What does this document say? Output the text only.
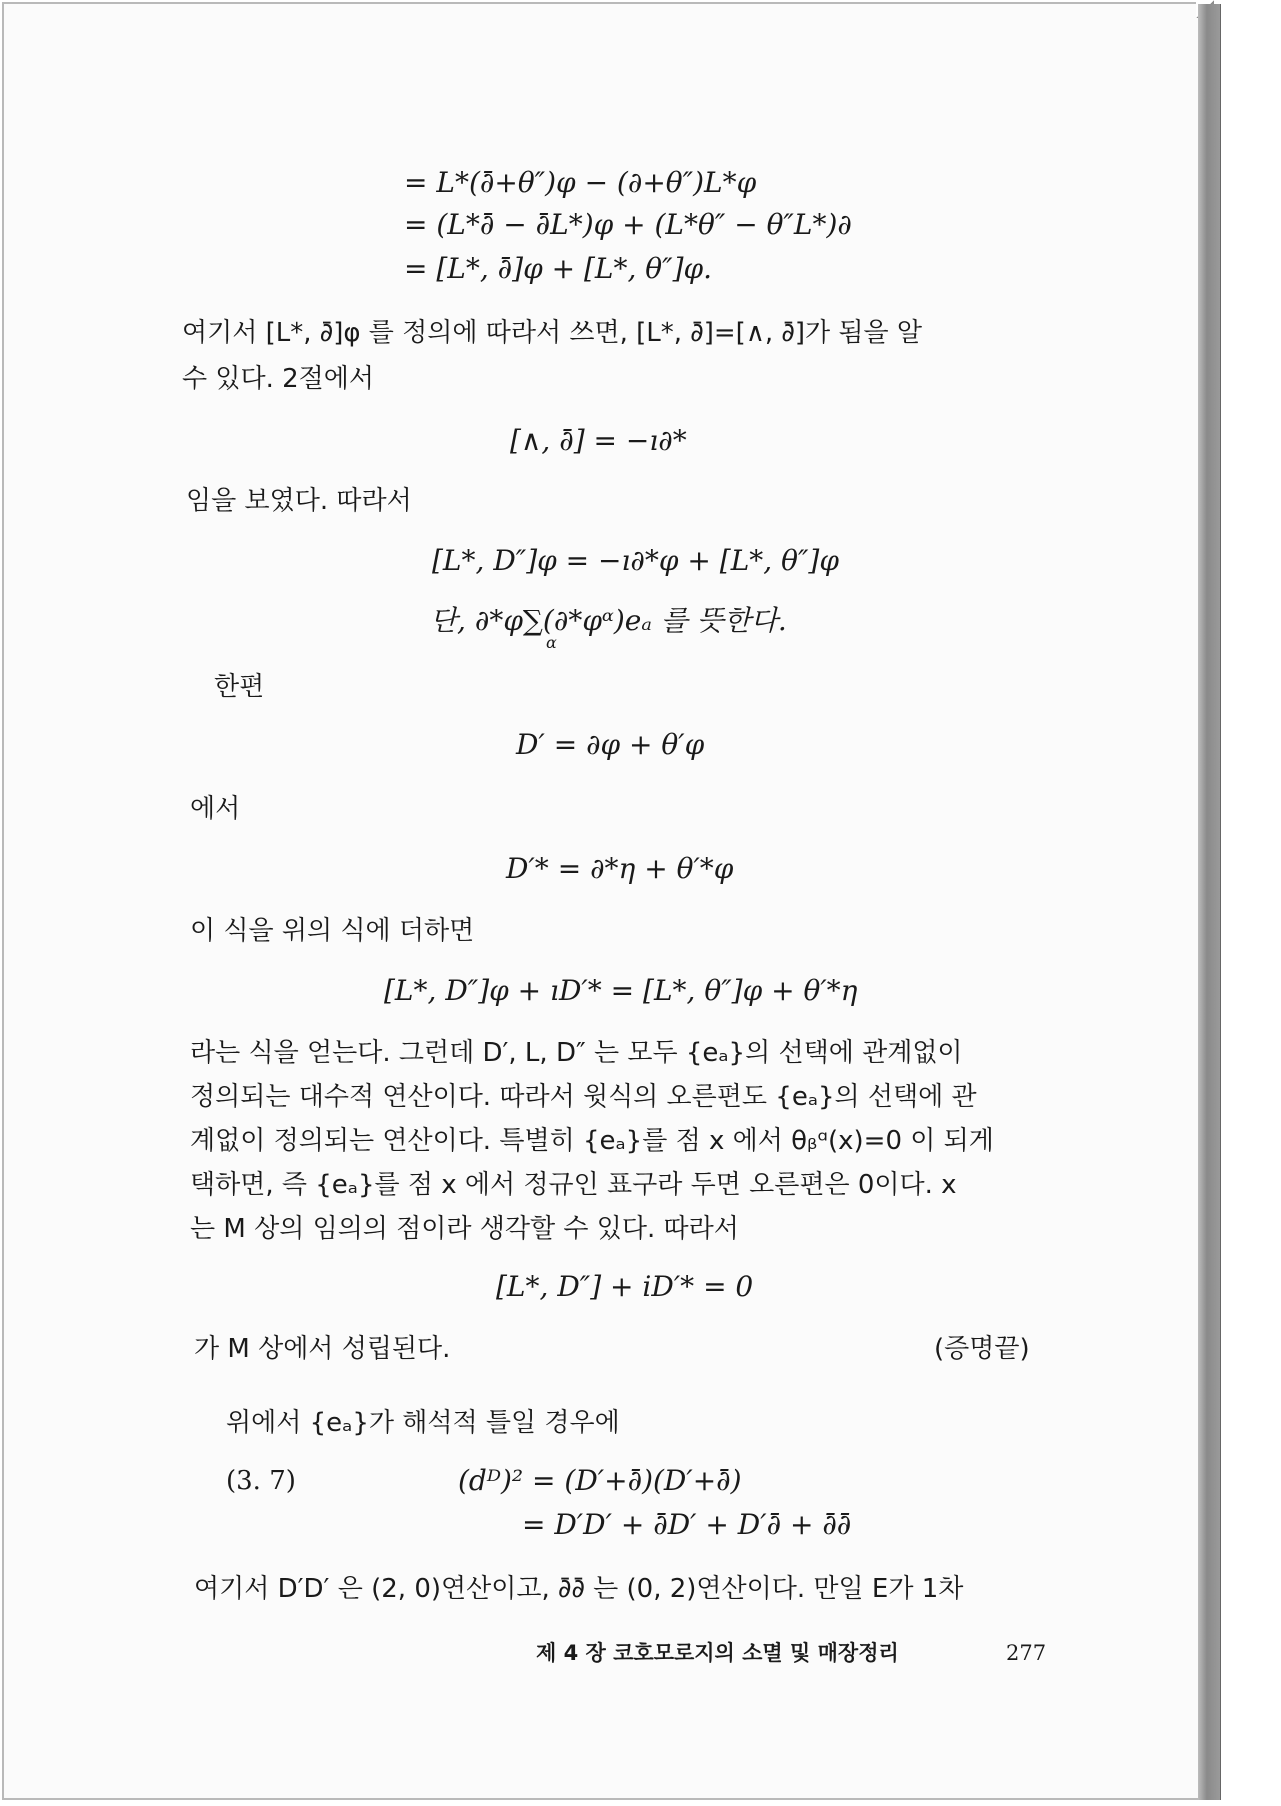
= L*(∂̄+θ″)φ − (∂+θ″)L*φ
= (L*∂̄ − ∂̄L*)φ + (L*θ″ − θ″L*)∂
= [L*, ∂̄]φ + [L*, θ″]φ.
여기서 [L*, ∂̄]φ 를 정의에 따라서 쓰면, [L*, ∂̄]=[∧, ∂̄]가 됨을 알
수 있다. 2절에서
[∧, ∂̄] = −ı∂*
임을 보였다. 따라서
[L*, D″]φ = −ı∂*φ + [L*, θ″]φ
단, ∂*φ∑(∂*φᵅ)eₐ 를 뜻한다.
α
한편
D′ = ∂φ + θ′φ
에서
D′* = ∂*η + θ′*φ
이 식을 위의 식에 더하면
[L*, D″]φ + ıD′* = [L*, θ″]φ + θ′*η
라는 식을 얻는다. 그런데 D′, L, D″ 는 모두 {eₐ}의 선택에 관계없이
정의되는 대수적 연산이다. 따라서 윗식의 오른편도 {eₐ}의 선택에 관
계없이 정의되는 연산이다. 특별히 {eₐ}를 점 x 에서 θᵦᵅ(x)=0 이 되게
택하면, 즉 {eₐ}를 점 x 에서 정규인 표구라 두면 오른편은 0이다. x
는 M 상의 임의의 점이라 생각할 수 있다. 따라서
[L*, D″] + iD′* = 0
가 M 상에서 성립된다.	(증명끝)
위에서 {eₐ}가 해석적 틀일 경우에
(3. 7)	(dᴰ)² = (D′+∂̄)(D′+∂̄)
= D′D′ + ∂̄D′ + D′∂̄ + ∂̄∂̄
여기서 D′D′ 은 (2, 0)연산이고, ∂̄∂̄ 는 (0, 2)연산이다. 만일 E가 1차
제 4 장 코호모로지의 소멸 및 매장정리	277
